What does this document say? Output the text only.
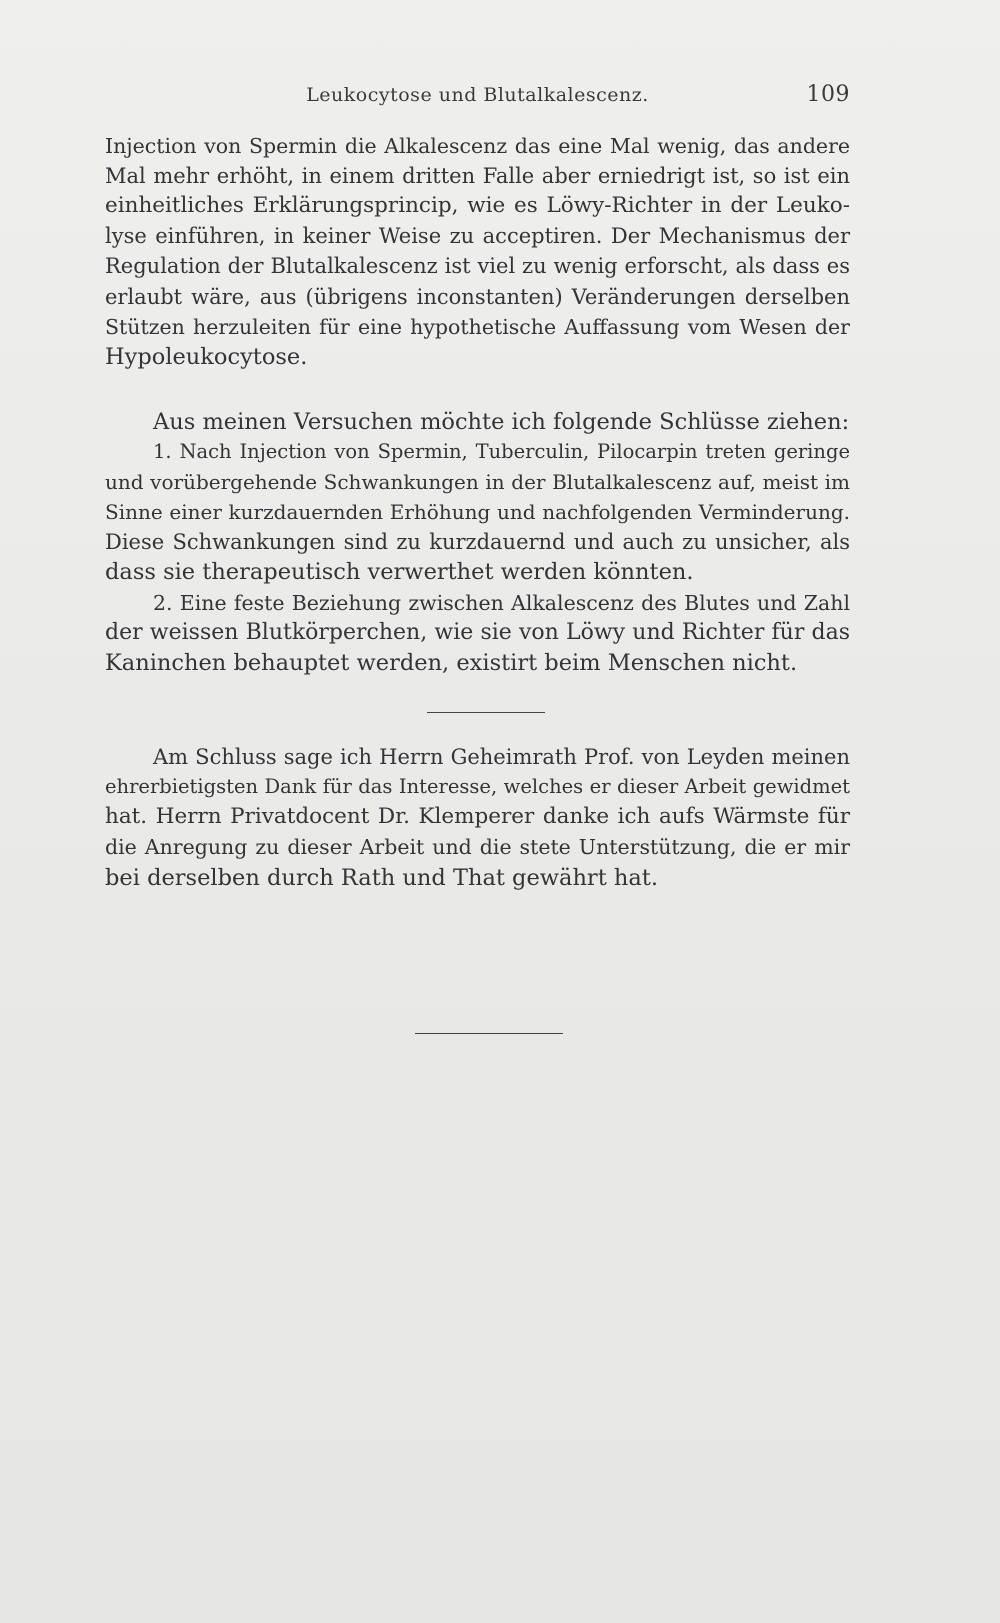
Leukocytose und Blutalkalescenz.	109
Injection von Spermin die Alkalescenz das eine Mal wenig, das andere
Mal mehr erhöht, in einem dritten Falle aber erniedrigt ist, so ist ein
einheitliches Erklärungsprincip, wie es Löwy-Richter in der Leuko-
lyse einführen, in keiner Weise zu acceptiren. Der Mechanismus der
Regulation der Blutalkalescenz ist viel zu wenig erforscht, als dass es
erlaubt wäre, aus (übrigens inconstanten) Veränderungen derselben
Stützen herzuleiten für eine hypothetische Auffassung vom Wesen der
Hypoleukocytose.
Aus meinen Versuchen möchte ich folgende Schlüsse ziehen:
1. Nach Injection von Spermin, Tuberculin, Pilocarpin treten geringe
und vorübergehende Schwankungen in der Blutalkalescenz auf, meist im
Sinne einer kurzdauernden Erhöhung und nachfolgenden Verminderung.
Diese Schwankungen sind zu kurzdauernd und auch zu unsicher, als
dass sie therapeutisch verwerthet werden könnten.
2. Eine feste Beziehung zwischen Alkalescenz des Blutes und Zahl
der weissen Blutkörperchen, wie sie von Löwy und Richter für das
Kaninchen behauptet werden, existirt beim Menschen nicht.
Am Schluss sage ich Herrn Geheimrath Prof. von Leyden meinen
ehrerbietigsten Dank für das Interesse, welches er dieser Arbeit gewidmet
hat. Herrn Privatdocent Dr. Klemperer danke ich aufs Wärmste für
die Anregung zu dieser Arbeit und die stete Unterstützung, die er mir
bei derselben durch Rath und That gewährt hat.
